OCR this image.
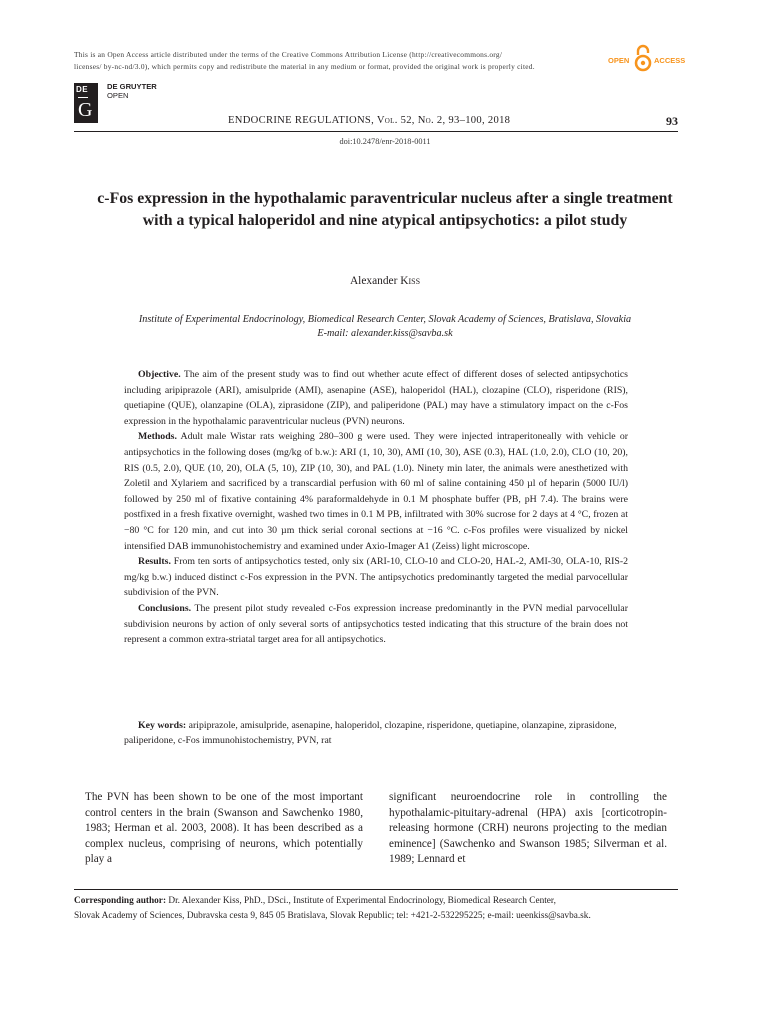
This is an Open Access article distributed under the terms of the Creative Commons Attribution License (http://creativecommons.org/

licenses/ by-nc-nd/3.0), which permits copy and redistribute the material in any medium or format, provided the original work is properly cited.

OPEN	ACCESS
DE
G
DE GRUYTER
OPEN
ENDOCRINE REGULATIONS, Vol. 52, No. 2, 93–100, 2018	93
doi:10.2478/enr-2018-0011
c-Fos expression in the hypothalamic paraventricular nucleus after a single treatment with a typical haloperidol and nine atypical antipsychotics: a pilot study
Alexander Kiss
Institute of Experimental Endocrinology, Biomedical Research Center, Slovak Academy of Sciences, Bratislava, Slovakia
E-mail: alexander.kiss@savba.sk

Objective. The aim of the present study was to find out whether acute effect of different doses of selected antipsychotics including aripiprazole (ARI), amisulpride (AMI), asenapine (ASE), haloperidol (HAL), clozapine (CLO), risperidone (RIS), quetiapine (QUE), olanzapine (OLA), ziprasidone (ZIP), and paliperidone (PAL) may have a stimulatory impact on the c-Fos expression in the hypothalamic paraventricular nucleus (PVN) neurons.

Methods. Adult male Wistar rats weighing 280–300 g were used. They were injected intraperitoneally with vehicle or antipsychotics in the following doses (mg/kg of b.w.): ARI (1, 10, 30), AMI (10, 30), ASE (0.3), HAL (1.0, 2.0), CLO (10, 20), RIS (0.5, 2.0), QUE (10, 20), OLA (5, 10), ZIP (10, 30), and PAL (1.0). Ninety min later, the animals were anesthetized with Zoletil and Xylariem and sacrificed by a transcardial perfusion with 60 ml of saline containing 450 µl of heparin (5000 IU/l) followed by 250 ml of fixative containing 4% paraformaldehyde in 0.1 M phosphate buffer (PB, pH 7.4). The brains were postfixed in a fresh fixative overnight, washed two times in 0.1 M PB, infiltrated with 30% sucrose for 2 days at 4 °C, frozen at −80 °C for 120 min, and cut into 30 µm thick serial coronal sections at −16 °C. c-Fos profiles were visualized by nickel intensified DAB immunohistochemistry and examined under Axio-Imager A1 (Zeiss) light microscope.

Results. From ten sorts of antipsychotics tested, only six (ARI-10, CLO-10 and CLO-20, HAL-2, AMI-30, OLA-10, RIS-2 mg/kg b.w.) induced distinct c-Fos expression in the PVN. The antipsychotics predominantly targeted the medial parvocellular subdivision of the PVN.

Conclusions. The present pilot study revealed c-Fos expression increase predominantly in the PVN medial parvocellular subdivision neurons by action of only several sorts of antipsychotics tested indicating that this structure of the brain does not represent a common extra-striatal target area for all antipsychotics.

Key words: aripiprazole, amisulpride, asenapine, haloperidol, clozapine, risperidone, quetiapine, olanzapine, ziprasidone, paliperidone, c-Fos immunohistochemistry, PVN, rat
The PVN has been shown to be one of the most important control centers in the brain (Swanson and Sawchenko 1980, 1983; Herman et al. 2003, 2008). It has been described as a complex nucleus, comprising of neurons, which potentially play a
significant neuroendocrine role in controlling the hypothalamic-pituitary-adrenal (HPA) axis [corticotropin-releasing hormone (CRH) neurons projecting to the median eminence] (Sawchenko and Swanson 1985; Silverman et al. 1989; Lennard et

Corresponding author: Dr. Alexander Kiss, PhD., DSci., Institute of Experimental Endocrinology, Biomedical Research Center,

Slovak Academy of Sciences, Dubravska cesta 9, 845 05 Bratislava, Slovak Republic; tel: +421-2-532295225; e-mail: ueenkiss@savba.sk.
